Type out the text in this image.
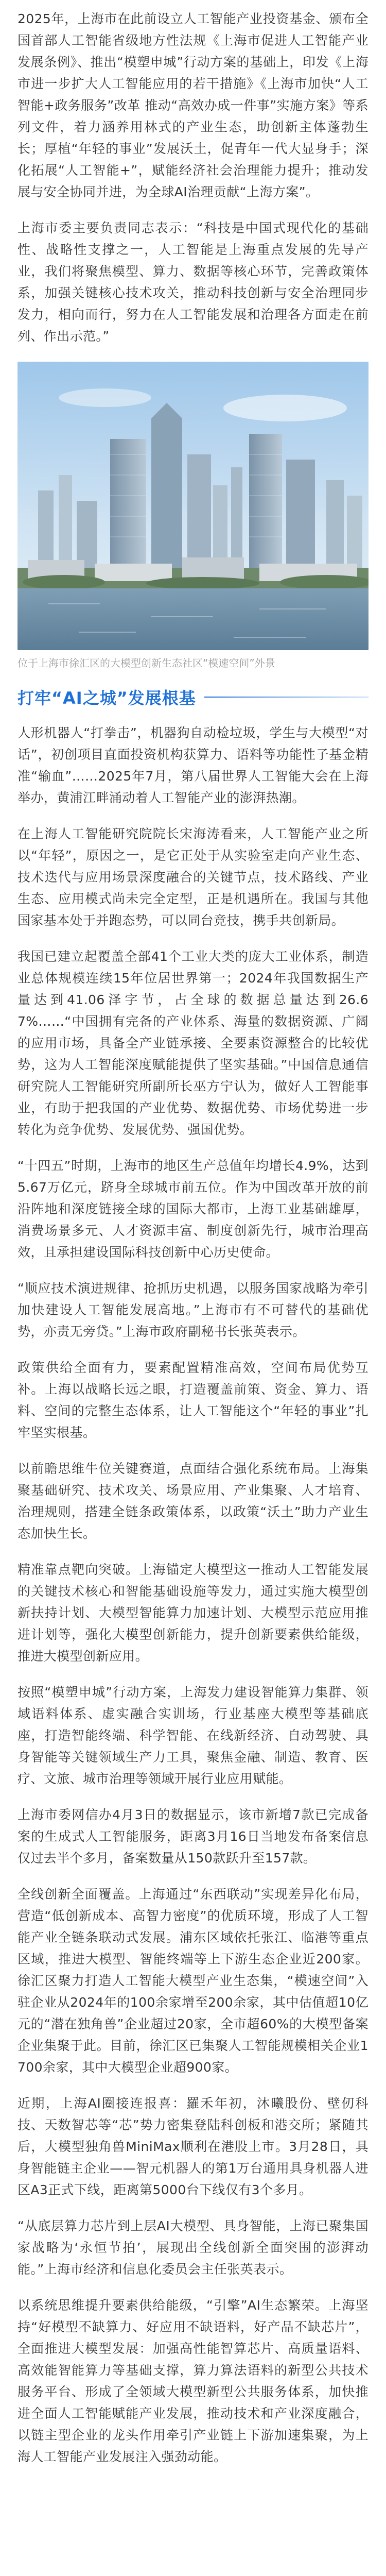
2025年，上海市在此前设立人工智能产业投资基金、颁布全国首部人工智能省级地方性法规《上海市促进人工智能产业发展条例》、推出“模塑申城”行动方案的基础上，印发《上海市进一步扩大人工智能应用的若干措施》《上海市加快“人工智能+政务服务”改革 推动“高效办成一件事”实施方案》等系列文件，着力涵养用林式的产业生态，助创新主体蓬勃生长；厚植“年轻的事业”发展沃土，促青年一代大显身手；深化拓展“人工智能+”，赋能经济社会治理能力提升；推动发展与安全协同并进，为全球AI治理贡献“上海方案”。

上海市委主要负责同志表示：“科技是中国式现代化的基础性、战略性支撑之一，人工智能是上海重点发展的先导产业，我们将聚焦模型、算力、数据等核心环节，完善政策体系，加强关键核心技术攻关，推动科技创新与安全治理同步发力，相向而行，努力在人工智能发展和治理各方面走在前列、作出示范。”

位于上海市徐汇区的大模型创新生态社区“模速空间”外景
打牢“AI之城”发展根基

人形机器人“打拳击”，机器狗自动检垃圾，学生与大模型“对话”，初创项目直面投资机构获算力、语料等功能性子基金精准“输血”……2025年7月，第八届世界人工智能大会在上海举办，黄浦江畔涌动着人工智能产业的澎湃热潮。

在上海人工智能研究院院长宋海涛看来，人工智能产业之所以“年轻”，原因之一，是它正处于从实验室走向产业生态、技术迭代与应用场景深度融合的关键节点，技术路线、产业生态、应用模式尚未完全定型，正是机遇所在。我国与其他国家基本处于并跑态势，可以同台竞技，携手共创新局。

我国已建立起覆盖全部41个工业大类的庞大工业体系，制造业总体规模连续15年位居世界第一；2024年我国数据生产量达到41.06泽字节，占全球的数据总量达到26.67%……“中国拥有完备的产业体系、海量的数据资源、广阔的应用市场，具备全产业链承接、全要素资源整合的比较优势，这为人工智能深度赋能提供了坚实基础。”中国信息通信研究院人工智能研究所副所长巫方宁认为，做好人工智能事业，有助于把我国的产业优势、数据优势、市场优势进一步转化为竞争优势、发展优势、强国优势。

“十四五”时期，上海市的地区生产总值年均增长4.9%，达到5.67万亿元，跻身全球城市前五位。作为中国改革开放的前沿阵地和深度链接全球的国际大都市，上海工业基础雄厚，消费场景多元、人才资源丰富、制度创新先行，城市治理高效，且承担建设国际科技创新中心历史使命。

“顺应技术演进规律、抢抓历史机遇，以服务国家战略为牵引加快建设人工智能发展高地。”上海市有不可替代的基础优势，亦责无旁贷。”上海市政府副秘书长张英表示。

政策供给全面有力，要素配置精准高效，空间布局优势互补。上海以战略长远之眼，打造覆盖前策、资金、算力、语料、空间的完整生态体系，让人工智能这个“年轻的事业”扎牢坚实根基。

以前瞻思维牛位关键赛道，点面结合强化系统布局。上海集聚基础研究、技术攻关、场景应用、产业集聚、人才培育、治理规则，搭建全链条政策体系，以政策“沃土”助力产业生态加快生长。

精准靠点靶向突破。上海锚定大模型这一推动人工智能发展的关键技术核心和智能基础设施等发力，通过实施大模型创新扶持计划、大模型智能算力加速计划、大模型示范应用推进计划等，强化大模型创新能力，提升创新要素供给能级，推进大模型创新应用。

按照“模塑申城”行动方案，上海发力建设智能算力集群、领域语料体系、虚实融合实训场，行业基座大模型等基础底座，打造智能终端、科学智能、在线新经济、自动驾驶、具身智能等关键领域生产力工具，聚焦金融、制造、教育、医疗、文旅、城市治理等领域开展行业应用赋能。

上海市委网信办4月3日的数据显示，该市新增7款已完成备案的生成式人工智能服务，距离3月16日当地发布备案信息仅过去半个多月，备案数量从150款跃升至157款。

全线创新全面覆盖。上海通过“东西联动”实现差异化布局，营造“低创新成本、高智力密度”的优质环境，形成了人工智能产业全链条联动式发展。浦东区域依托张江、临港等重点区域，推进大模型、智能终端等上下游生态企业近200家。徐汇区聚力打造人工智能大模型产业生态集，“模速空间”入驻企业从2024年的100余家增至200余家，其中估值超10亿元的“潜在独角兽”企业超过20家，全市超60%的大模型备案企业集聚于此。目前，徐汇区已集聚人工智能规模相关企业1700余家，其中大模型企业超900家。

近期，上海AI圈接连报喜：羅禾年初，沐曦股份、壁仞科技、天数智芯等“芯”势力密集登陆科创板和港交所；紧随其后，大模型独角兽MiniMax顺利在港股上市。3月28日，具身智能链主企业——智元机器人的第1万台通用具身机器人进区A3正式下线，距离第5000台下线仅有3个多月。

“从底层算力芯片到上层AI大模型、具身智能，上海已聚集国家战略为‘永恒节拍’，展现出全线创新全面突围的澎湃动能。”上海市经济和信息化委员会主任张英表示。

以系统思维提升要素供给能级，“引擎”AI生态繁荣。上海坚持“好模型不缺算力、好应用不缺语料，好产品不缺芯片”，全面推进大模型发展：加强高性能智算芯片、高质量语料、高效能智能算力等基础支撑，算力算法语料的新型公共技术服务平台、形成了全领域大模型新型公共服务体系，加快推进全面人工智能赋能产业发展，推动技术和产业深度融合，以链主型企业的龙头作用牵引产业链上下游加速集聚，为上海人工智能产业发展注入强劲动能。
